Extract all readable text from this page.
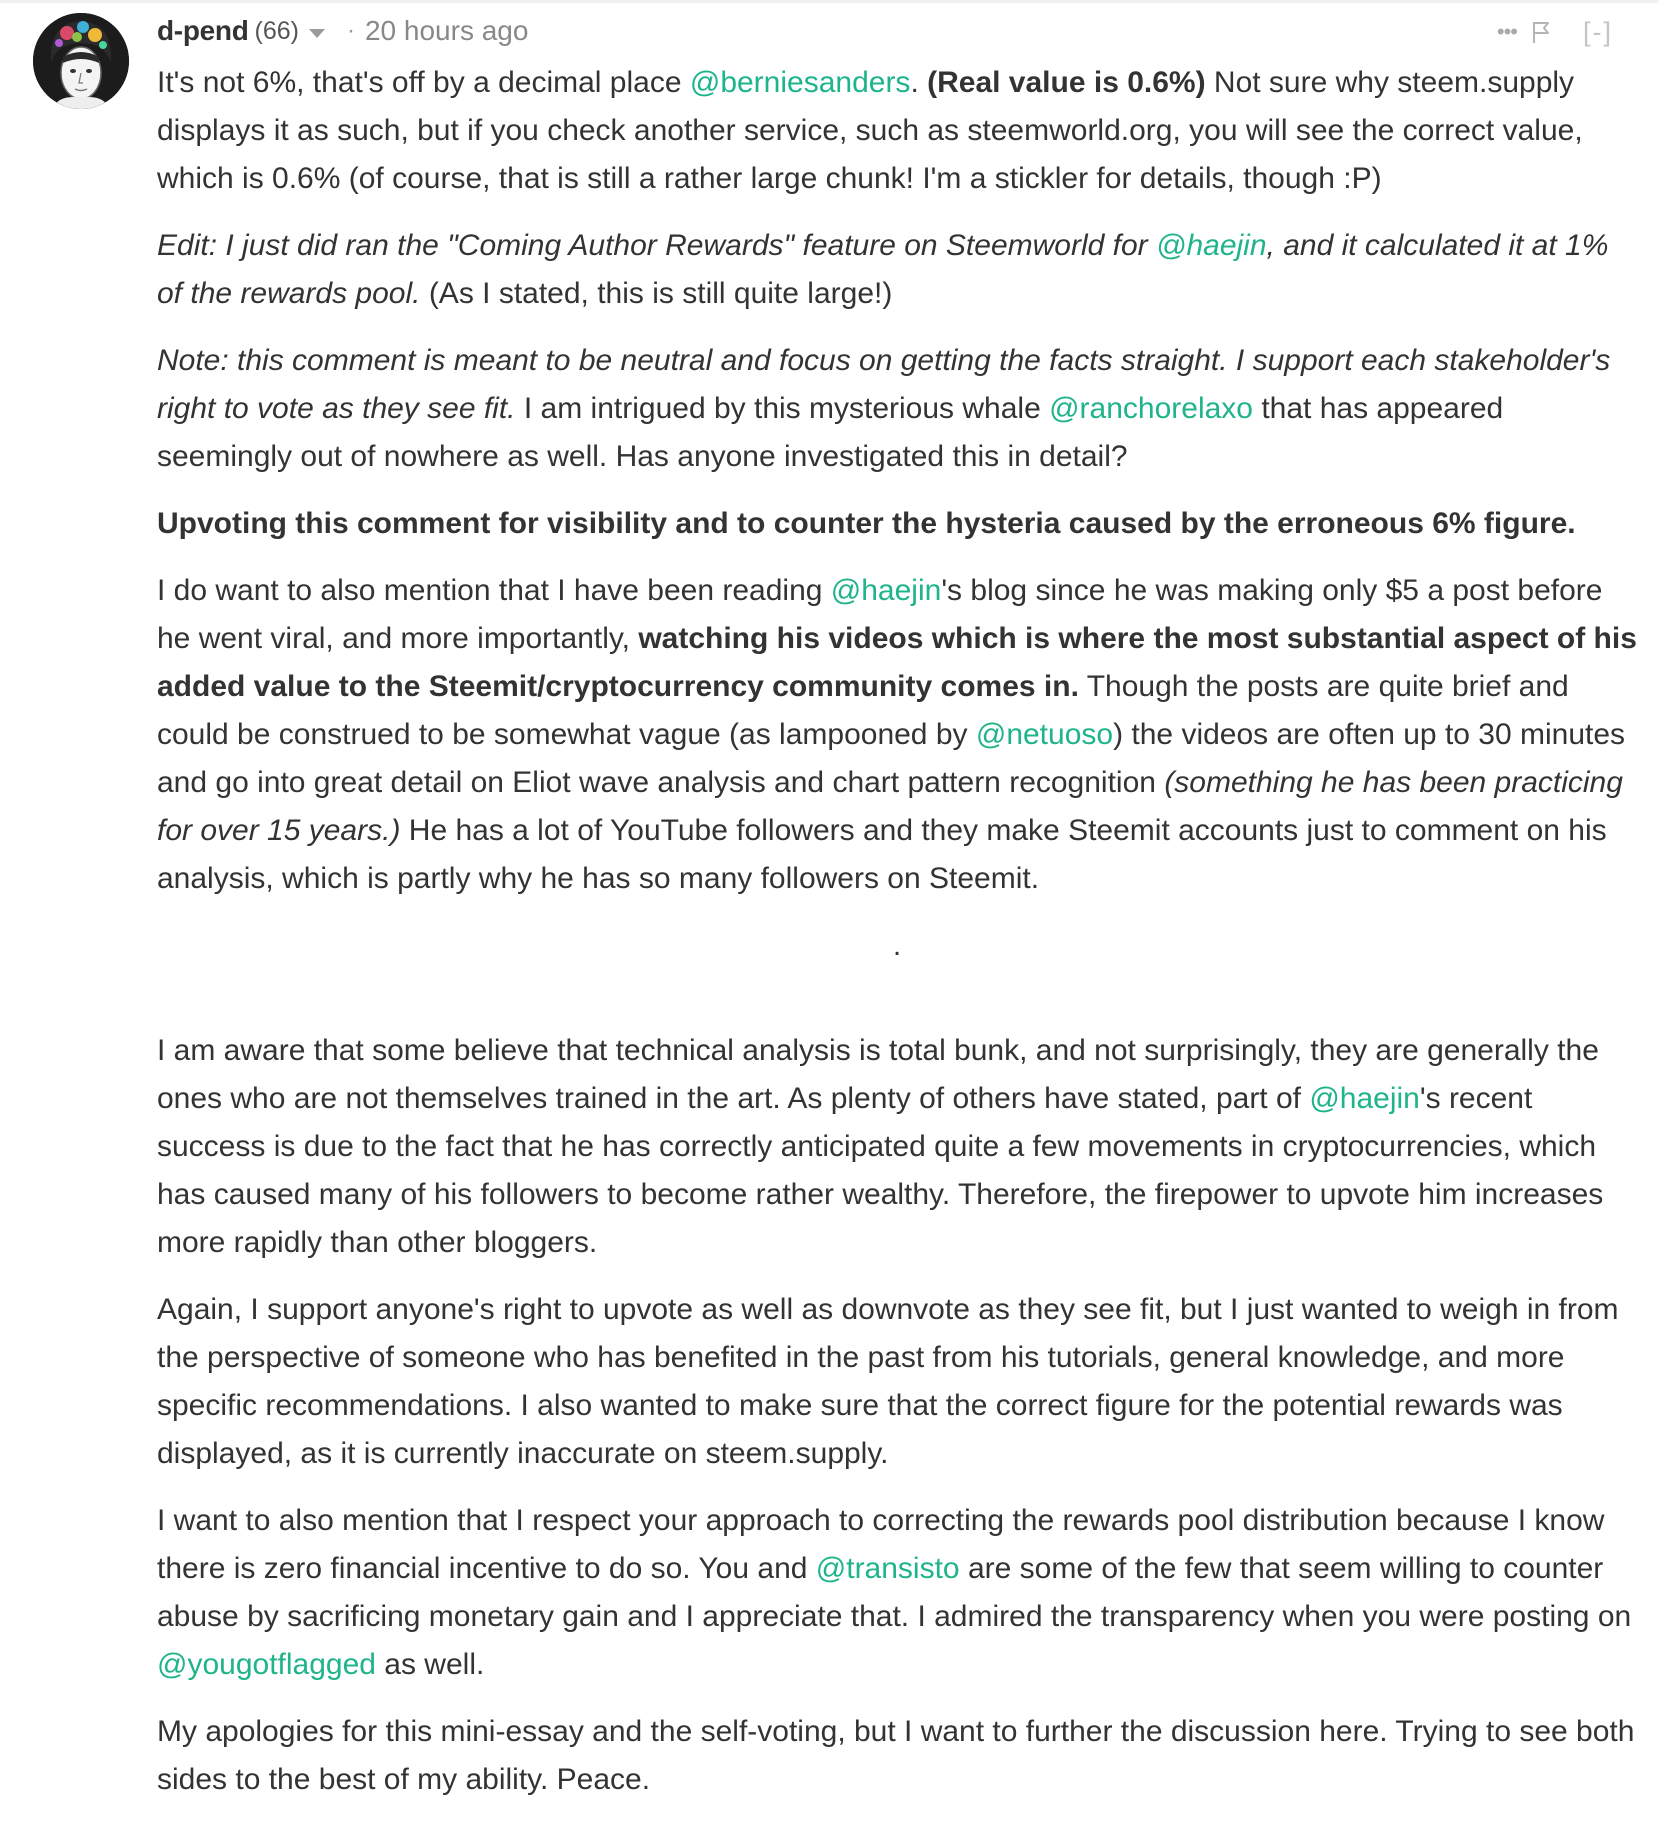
d-pend (66) · 20 hours ago	••• [-]

It's not 6%, that's off by a decimal place @berniesanders. (Real value is 0.6%) Not sure why steem.supply displays it as such, but if you check another service, such as steemworld.org, you will see the correct value, which is 0.6% (of course, that is still a rather large chunk! I'm a stickler for details, though :P)

Edit: I just did ran the "Coming Author Rewards" feature on Steemworld for @haejin, and it calculated it at 1% of the rewards pool. (As I stated, this is still quite large!)

Note: this comment is meant to be neutral and focus on getting the facts straight. I support each stakeholder's right to vote as they see fit. I am intrigued by this mysterious whale @ranchorelaxo that has appeared seemingly out of nowhere as well. Has anyone investigated this in detail?

Upvoting this comment for visibility and to counter the hysteria caused by the erroneous 6% figure.

I do want to also mention that I have been reading @haejin's blog since he was making only $5 a post before he went viral, and more importantly, watching his videos which is where the most substantial aspect of his added value to the Steemit/cryptocurrency community comes in. Though the posts are quite brief and could be construed to be somewhat vague (as lampooned by @netuoso) the videos are often up to 30 minutes and go into great detail on Eliot wave analysis and chart pattern recognition (something he has been practicing for over 15 years.) He has a lot of YouTube followers and they make Steemit accounts just to comment on his analysis, which is partly why he has so many followers on Steemit.

.

I am aware that some believe that technical analysis is total bunk, and not surprisingly, they are generally the ones who are not themselves trained in the art. As plenty of others have stated, part of @haejin's recent success is due to the fact that he has correctly anticipated quite a few movements in cryptocurrencies, which has caused many of his followers to become rather wealthy. Therefore, the firepower to upvote him increases more rapidly than other bloggers.

Again, I support anyone's right to upvote as well as downvote as they see fit, but I just wanted to weigh in from the perspective of someone who has benefited in the past from his tutorials, general knowledge, and more specific recommendations. I also wanted to make sure that the correct figure for the potential rewards was displayed, as it is currently inaccurate on steem.supply.

I want to also mention that I respect your approach to correcting the rewards pool distribution because I know there is zero financial incentive to do so. You and @transisto are some of the few that seem willing to counter abuse by sacrificing monetary gain and I appreciate that. I admired the transparency when you were posting on @yougotflagged as well.

My apologies for this mini-essay and the self-voting, but I want to further the discussion here. Trying to see both sides to the best of my ability. Peace.
